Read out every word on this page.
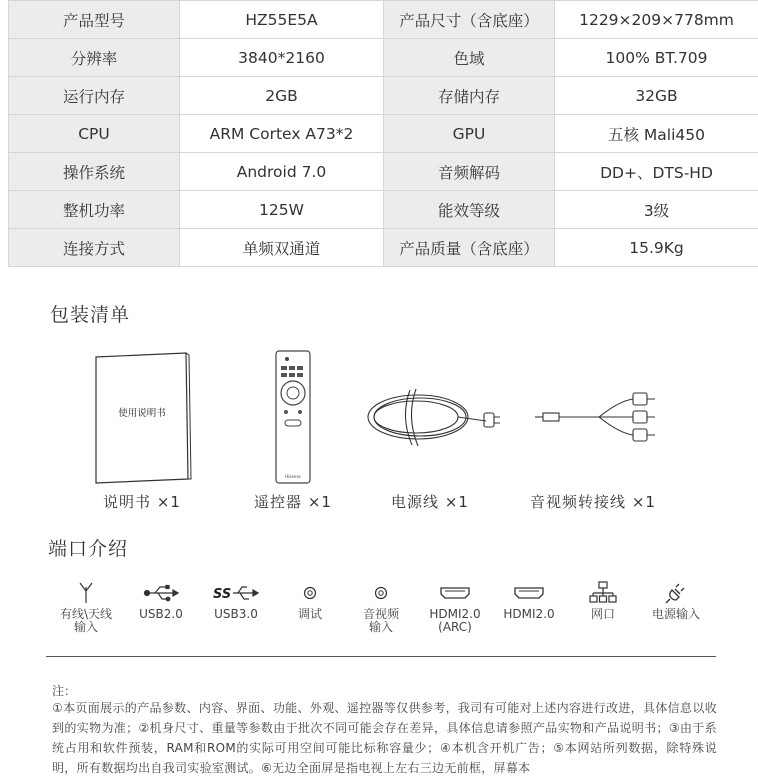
产品型号	HZ55E5A	产品尺寸（含底座）	1229×209×778mm
分辨率	3840*2160	色域	100% BT.709
运行内存	2GB	存储内存	32GB
CPU	ARM Cortex A73*2	GPU	五核 Mali450
操作系统	Android 7.0	音频解码	DD+、DTS-HD
整机功率	125W	能效等级	3级
连接方式	单频双通道	产品质量（含底座）	15.9Kg
包装清单
使用说明书
说明书 ×1
Hisense
遥控器 ×1	电源线 ×1	音视频转接线 ×1
端口介绍
有线\天线
输入
USB2.0
SS
USB3.0	调试	音视频
输入
HDMI2.0
(ARC)
HDMI2.0	网口	电源输入
注：
①本页面展示的产品参数、内容、界面、功能、外观、遥控器等仅供参考，我司有可能对上述内容进行改进，具体信息以收到的实物为准；②机身尺寸、重量等参数由于批次不同可能会存在差异，具体信息请参照产品实物和产品说明书；③由于系统占用和软件预装，RAM和ROM的实际可用空间可能比标称容量少；④本机含开机广告；⑤本网站所列数据，除特殊说明，所有数据均出自我司实验室测试。⑥无边全面屏是指电视上左右三边无前框，屏幕本
